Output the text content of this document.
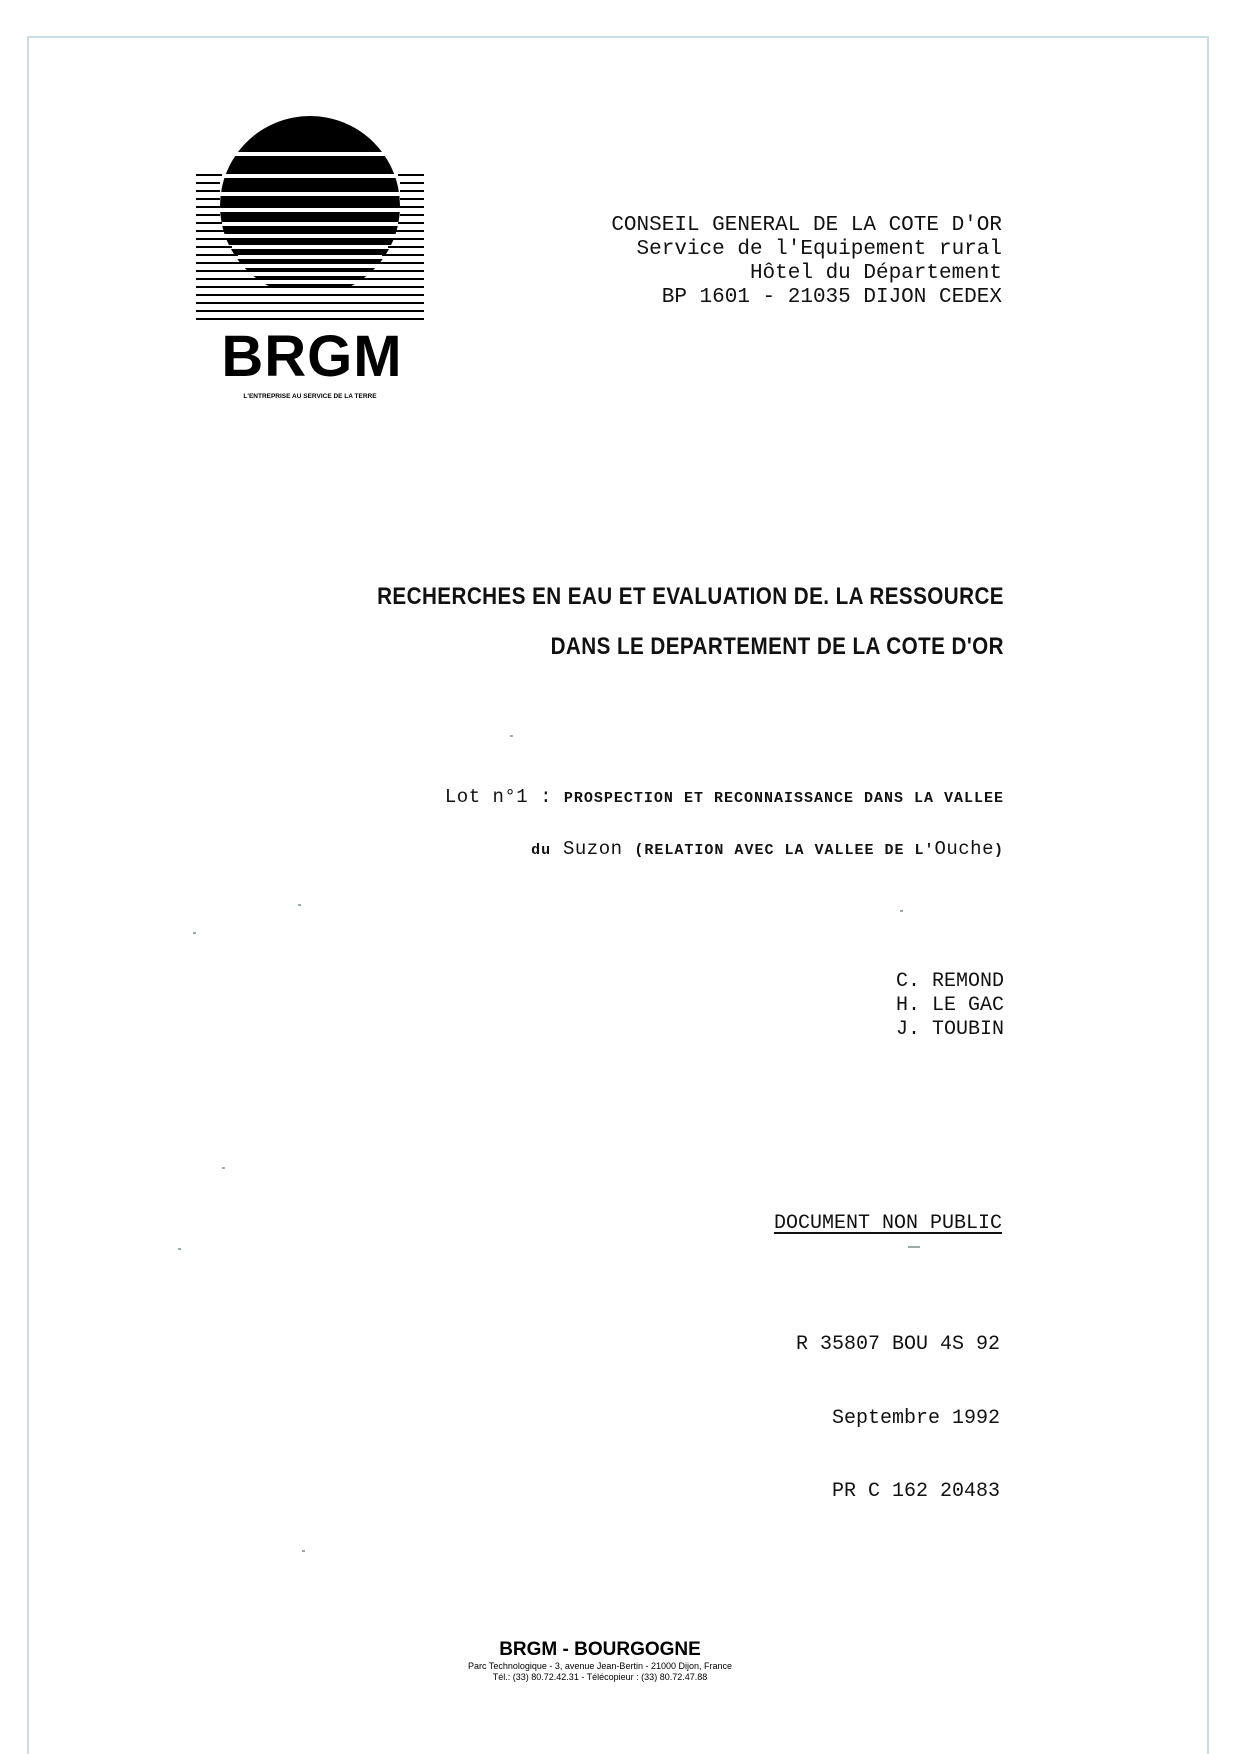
BRGM
L'ENTREPRISE AU SERVICE DE LA TERRE
CONSEIL GENERAL DE LA COTE D'OR
Service de l'Equipement rural
Hôtel du Département
BP 1601 - 21035 DIJON CEDEX
RECHERCHES EN EAU ET EVALUATION DE. LA RESSOURCE
DANS LE DEPARTEMENT DE LA COTE D'OR
Lot n°1 : PROSPECTION ET RECONNAISSANCE DANS LA VALLEE
du Suzon (RELATION AVEC LA VALLEE DE L'Ouche)
C. REMOND
H. LE GAC
J. TOUBIN
DOCUMENT NON PUBLIC
R 35807 BOU 4S 92
Septembre 1992
PR C 162 20483
BRGM - BOURGOGNE
Parc Technologique - 3, avenue Jean-Bertin - 21000 Dijon, France
Tél.: (33) 80.72.42.31 - Télécopieur : (33) 80.72.47.88
